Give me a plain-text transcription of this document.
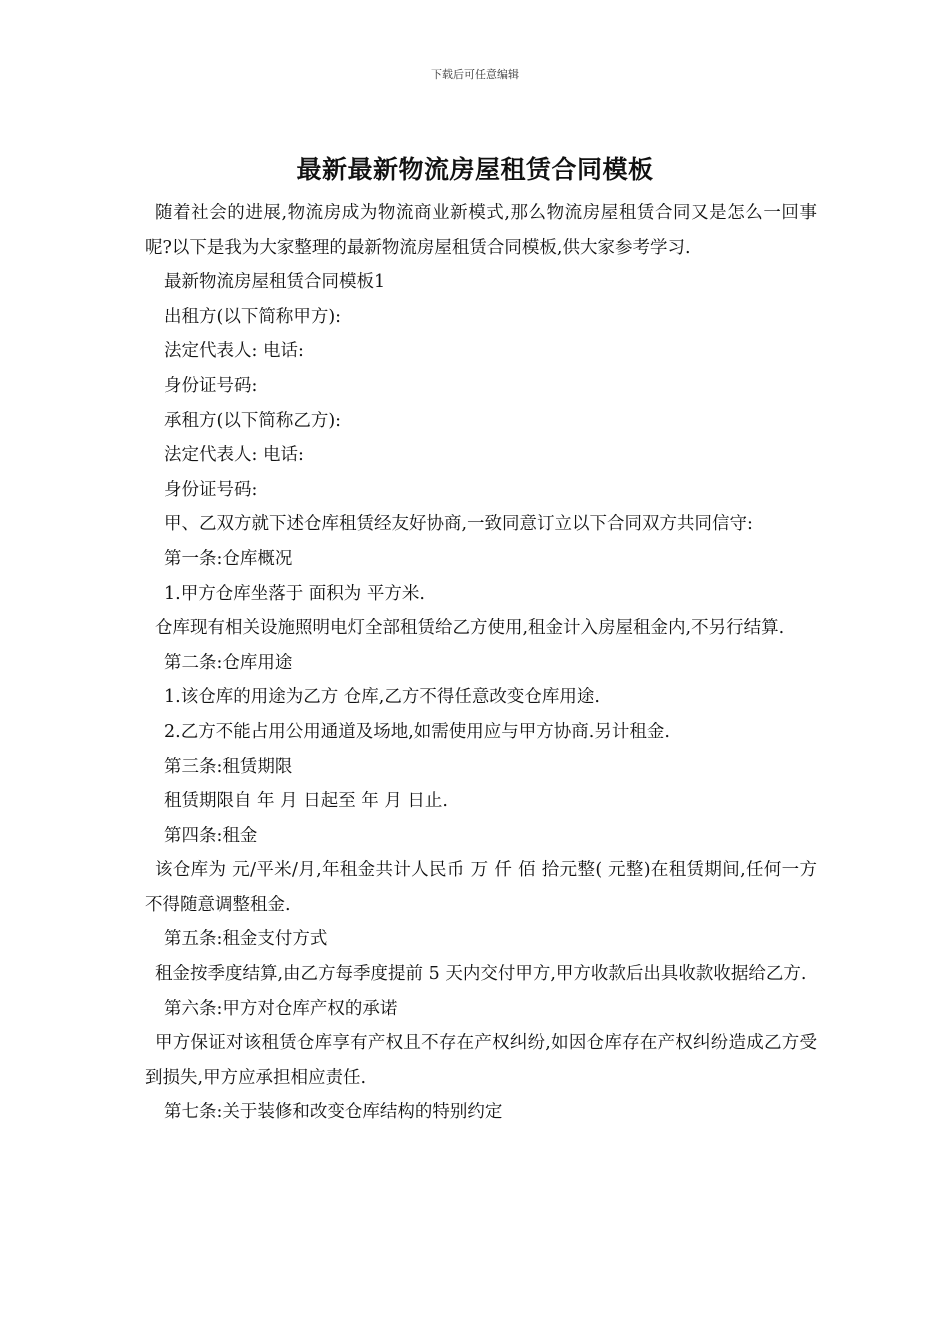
下载后可任意编辑
最新最新物流房屋租赁合同模板

随着社会的进展,物流房成为物流商业新模式,那么物流房屋租赁合同又是怎么一回事呢?以下是我为大家整理的最新物流房屋租赁合同模板,供大家参考学习.

最新物流房屋租赁合同模板1

出租方(以下简称甲方):

法定代表人: 电话:

身份证号码:

承租方(以下简称乙方):

法定代表人: 电话:

身份证号码:

甲、乙双方就下述仓库租赁经友好协商,一致同意订立以下合同双方共同信守:

第一条:仓库概况

1.甲方仓库坐落于 面积为 平方米.

仓库现有相关设施照明电灯全部租赁给乙方使用,租金计入房屋租金内,不另行结算.

第二条:仓库用途

1.该仓库的用途为乙方 仓库,乙方不得任意改变仓库用途.

2.乙方不能占用公用通道及场地,如需使用应与甲方协商.另计租金.

第三条:租赁期限

租赁期限自 年 月 日起至 年 月 日止.

第四条:租金

该仓库为 元/平米/月,年租金共计人民币 万 仟 佰 拾元整( 元整)在租赁期间,任何一方不得随意调整租金.

第五条:租金支付方式

租金按季度结算,由乙方每季度提前 5 天内交付甲方,甲方收款后出具收款收据给乙方.

第六条:甲方对仓库产权的承诺

甲方保证对该租赁仓库享有产权且不存在产权纠纷,如因仓库存在产权纠纷造成乙方受到损失,甲方应承担相应责任.

第七条:关于装修和改变仓库结构的特别约定
